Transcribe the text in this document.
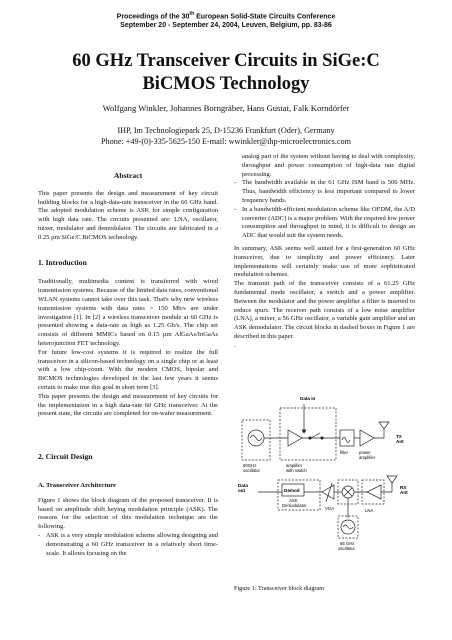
Proceedings of the 30th European Solid-State Circuits Conference
September 20 - September 24, 2004, Leuven, Belgium, pp. 83-86
60 GHz Transceiver Circuits in SiGe:C
BiCMOS Technology
Wolfgang Winkler, Johannes Borngräber, Hans Gustat, Falk Korndörfer
IHP, Im Technologiepark 25, D-15236 Frankfurt (Oder), Germany
Phone: +49-(0)-335-5625-150 E-mail: wwinkler@ihp-microelectronics.com
Abstract

This paper presents the design and measurement of key circuit building blocks for a high-data-rate transceiver in the 60 GHz band. The adopted modulation scheme is ASK for simple configuration with high data rate. The circuits presented are: LNA, oscillator, mixer, modulator and demodulator. The circuits are fabricated in a 0.25 µm SiGe:C BiCMOS technology.

1. Introduction

Traditionally, multimedia content is transferred with wired transmission systems. Because of the limited data rates, conventional WLAN systems cannot take over this task. That's why new wireless transmission systems with data rates > 150 Mb/s are under investigation [1]. In [2] a wireless transceiver module at 60 GHz is presented showing a data-rate as high as 1.25 Gb/s. The chip set consists of different MMICs based on 0.15 µm AlGaAs/InGaAs heterojunction FET technology.

For future low-cost systems it is required to realize the full transceiver in a silicon-based technology on a single chip or at least with a low chip-count. With the modern CMOS, bipolar and BiCMOS technologies developed in the last few years it seems certain to make true this goal in short term [3].

This paper presents the design and measurement of key circuits for the implementation in a high data-rate 60 GHz transceiver. At the present state, the circuits are completed for on-wafer measurement.

2. Circuit Design
A. Transceiver Architecture

Figure 1 shows the block diagram of the proposed transceiver. It is based on amplitude shift keying modulation principle (ASK). The reasons for the selection of this modulation technique are the following.

- ASK is a very simple modulation scheme allowing designing and demonstrating a 60 GHz transceiver in a relatively short time-scale. It allows focusing on the
analog part of the system without having to deal with complexity, throughput and power consumption of high-data rate digital processing.
- The bandwidth available in the 61 GHz ISM band is 500 MHz. Thus, bandwidth efficiency is less important compared to lower frequency bands.
- In a bandwidth-efficient modulation scheme like OFDM, the A/D converter (ADC) is a major problem. With the required low power consumption and throughput in mind, it is difficult to design an ADC that would suit the system needs.

In summary, ASK seems well suited for a first-generation 60 GHz transceiver, due to simplicity and power efficiency. Later implementations will certainly make use of more sophisticated modulation schemes.

The transmit path of the transceiver consists of a 61.25 GHz fundamental mode oscillator, a switch and a power amplifier. Between the modulator and the power amplifier a filter is inserted to reduce spurs. The receiver path consists of a low noise amplifier (LNA), a mixer, a 56 GHz oscillator, a variable gain amplifier and an ASK demodulator. The circuit blocks in dashed boxes in Figure 1 are described in this paper.

.

Data in
60GHz
oscillator
amplifier
with switch
filter	power
amplifier
TX
Ant
Data
out	Demod
ASK
Demodulator
VGA	LNA
RX
Ant
56 GHz
oscillator
Figure 1: Transceiver block diagram
